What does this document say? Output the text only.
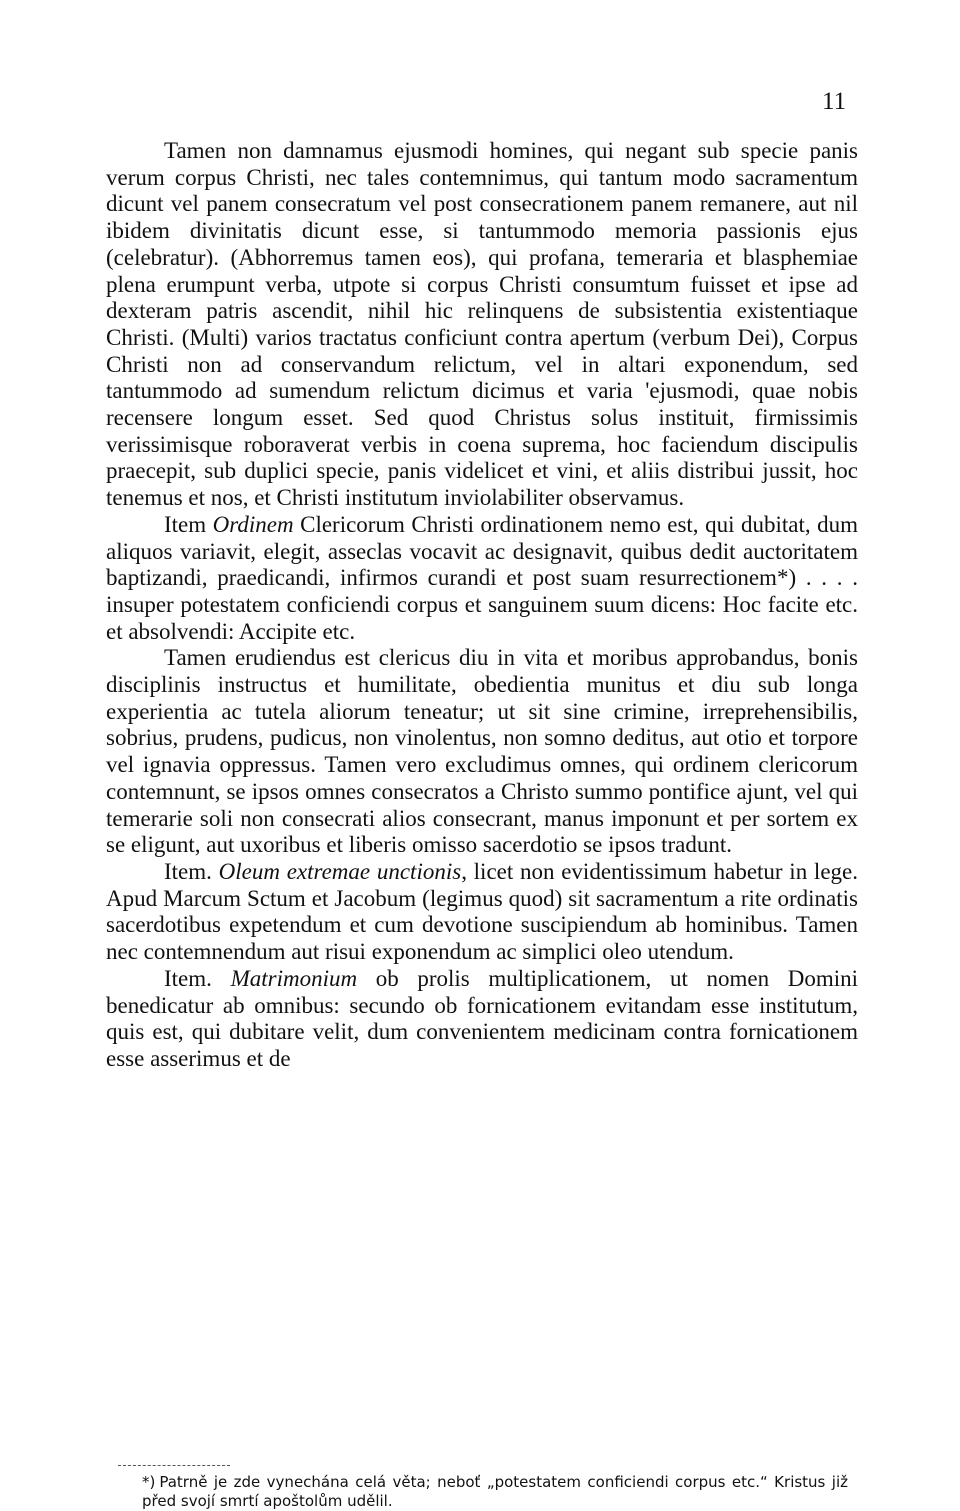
11

Tamen non damnamus ejusmodi homines, qui negant sub specie panis verum corpus Christi, nec tales contemnimus, qui tantum modo sacramentum dicunt vel panem consecratum vel post consecrationem panem remanere, aut nil ibidem divinitatis dicunt esse, si tantummodo memoria passionis ejus (celebratur). (Abhorremus tamen eos), qui profana, temeraria et blasphemiae plena erumpunt verba, utpote si corpus Christi consumtum fuisset et ipse ad dexteram patris ascendit, nihil hic relinquens de subsistentia existentiaque Christi. (Multi) varios tractatus conficiunt contra apertum (verbum Dei), Corpus Christi non ad conservandum relictum, vel in altari exponendum, sed tantummodo ad sumendum relictum dicimus et varia 'ejusmodi, quae nobis recensere longum esset. Sed quod Christus solus instituit, firmissimis verissimisque roboraverat verbis in coena suprema, hoc faciendum discipulis praecepit, sub duplici specie, panis videlicet et vini, et aliis distribui jussit, hoc tenemus et nos, et Christi institutum inviolabiliter observamus.

Item Ordinem Clericorum Christi ordinationem nemo est, qui dubitat, dum aliquos variavit, elegit, asseclas vocavit ac designavit, quibus dedit auctoritatem baptizandi, praedicandi, infirmos curandi et post suam resurrectionem*) . . . . insuper potestatem conficiendi corpus et sanguinem suum dicens: Hoc facite etc. et absolvendi: Accipite etc.

Tamen erudiendus est clericus diu in vita et moribus approbandus, bonis disciplinis instructus et humilitate, obedientia munitus et diu sub longa experientia ac tutela aliorum teneatur; ut sit sine crimine, irreprehensibilis, sobrius, prudens, pudicus, non vinolentus, non somno deditus, aut otio et torpore vel ignavia oppressus. Tamen vero excludimus omnes, qui ordinem clericorum contemnunt, se ipsos omnes consecratos a Christo summo pontifice ajunt, vel qui temerarie soli non consecrati alios consecrant, manus imponunt et per sortem ex se eligunt, aut uxoribus et liberis omisso sacerdotio se ipsos tradunt.

Item. Oleum extremae unctionis, licet non evidentissimum habetur in lege. Apud Marcum Sctum et Jacobum (legimus quod) sit sacramentum a rite ordinatis sacerdotibus expetendum et cum devotione suscipiendum ab hominibus. Tamen nec contemnendum aut risui exponendum ac simplici oleo utendum.

Item. Matrimonium ob prolis multiplicationem, ut nomen Domini benedicatur ab omnibus: secundo ob fornicationem evitandam esse institutum, quis est, qui dubitare velit, dum convenientem medicinam contra fornicationem esse asserimus et de

*) Patrně je zde vynechána celá věta; neboť „potestatem conficiendi corpus etc.“ Kristus již před svojí smrtí apoštolům udělil.
